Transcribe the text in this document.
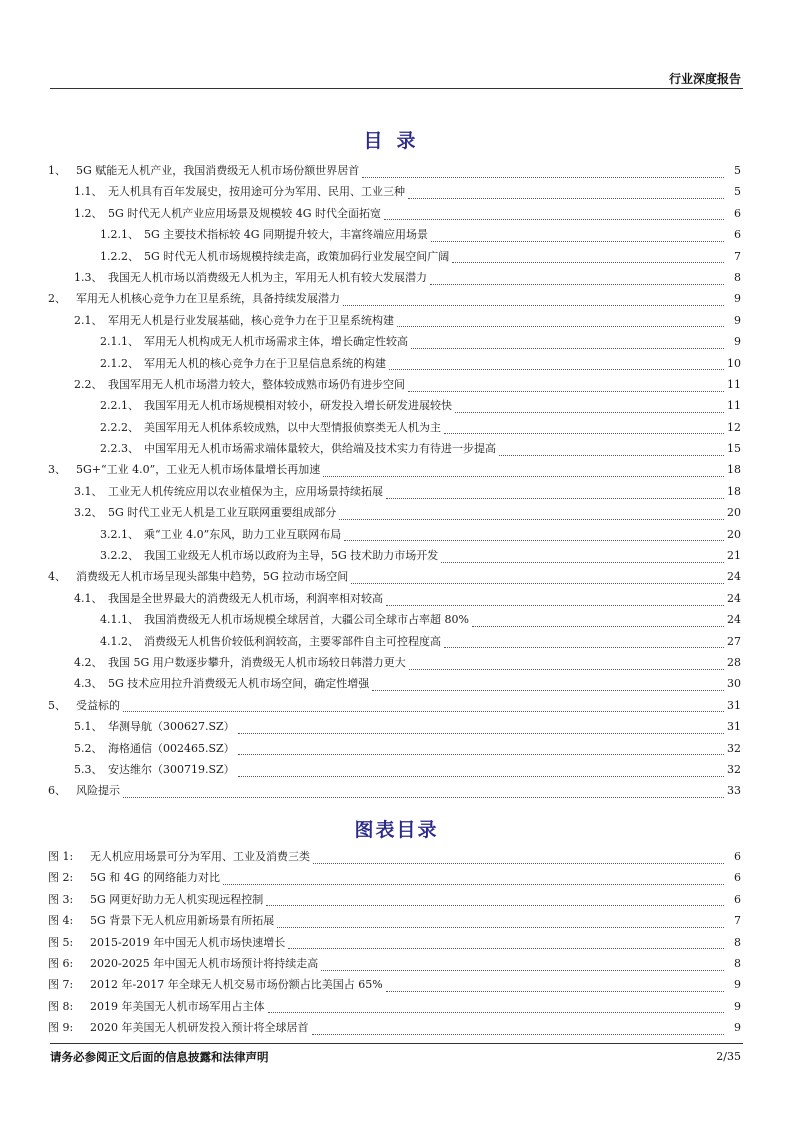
行业深度报告
目录
1、 5G 赋能无人机产业，我国消费级无人机市场份额世界居首	5
1.1、 无人机具有百年发展史，按用途可分为军用、民用、工业三种	5
1.2、 5G 时代无人机产业应用场景及规模较 4G 时代全面拓宽	6
1.2.1、 5G 主要技术指标较 4G 同期提升较大，丰富终端应用场景	6
1.2.2、 5G 时代无人机市场规模持续走高，政策加码行业发展空间广阔	7
1.3、 我国无人机市场以消费级无人机为主，军用无人机有较大发展潜力	8
2、 军用无人机核心竞争力在卫星系统，具备持续发展潜力	9
2.1、 军用无人机是行业发展基础，核心竞争力在于卫星系统构建	9
2.1.1、 军用无人机构成无人机市场需求主体，增长确定性较高	9
2.1.2、 军用无人机的核心竞争力在于卫星信息系统的构建	10
2.2、 我国军用无人机市场潜力较大，整体较成熟市场仍有进步空间	11
2.2.1、 我国军用无人机市场规模相对较小，研发投入增长研发进展较快	11
2.2.2、 美国军用无人机体系较成熟，以中大型情报侦察类无人机为主	12
2.2.3、 中国军用无人机市场需求端体量较大，供给端及技术实力有待进一步提高	15
3、 5G+“工业 4.0”，工业无人机市场体量增长再加速	18
3.1、 工业无人机传统应用以农业植保为主，应用场景持续拓展	18
3.2、 5G 时代工业无人机是工业互联网重要组成部分	20
3.2.1、 乘“工业 4.0”东风，助力工业互联网布局	20
3.2.2、 我国工业级无人机市场以政府为主导，5G 技术助力市场开发	21
4、 消费级无人机市场呈现头部集中趋势，5G 拉动市场空间	24
4.1、 我国是全世界最大的消费级无人机市场，利润率相对较高	24
4.1.1、 我国消费级无人机市场规模全球居首，大疆公司全球市占率超 80%	24
4.1.2、 消费级无人机售价较低利润较高，主要零部件自主可控程度高	27
4.2、 我国 5G 用户数逐步攀升，消费级无人机市场较日韩潜力更大	28
4.3、 5G 技术应用拉升消费级无人机市场空间，确定性增强	30
5、 受益标的	31
5.1、 华测导航（300627.SZ）	31
5.2、 海格通信（002465.SZ）	32
5.3、 安达维尔（300719.SZ）	32
6、 风险提示	33
图表目录
图 1:	无人机应用场景可分为军用、工业及消费三类	6
图 2:	5G 和 4G 的网络能力对比	6
图 3:	5G 网更好助力无人机实现远程控制	6
图 4:	5G 背景下无人机应用新场景有所拓展	7
图 5:	2015-2019 年中国无人机市场快速增长	8
图 6:	2020-2025 年中国无人机市场预计将持续走高	8
图 7:	2012 年-2017 年全球无人机交易市场份额占比美国占 65%	9
图 8:	2019 年美国无人机市场军用占主体	9
图 9:	2020 年美国无人机研发投入预计将全球居首	9
请务必参阅正文后面的信息披露和法律声明	2/35
